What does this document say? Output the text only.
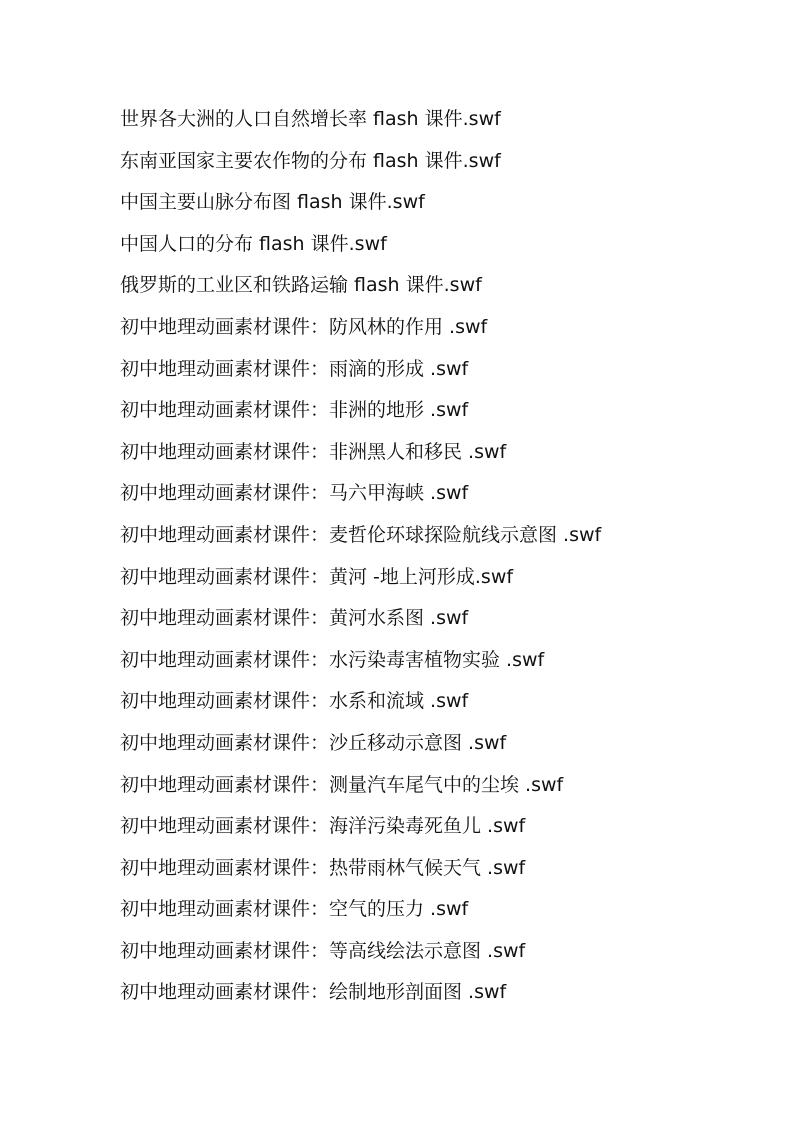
世界各大洲的人口自然增长率 flash 课件.swf
东南亚国家主要农作物的分布 flash 课件.swf
中国主要山脉分布图 flash 课件.swf
中国人口的分布 flash 课件.swf
俄罗斯的工业区和铁路运输 flash 课件.swf
初中地理动画素材课件：防风林的作用 .swf
初中地理动画素材课件：雨滴的形成 .swf
初中地理动画素材课件：非洲的地形 .swf
初中地理动画素材课件：非洲黑人和移民 .swf
初中地理动画素材课件：马六甲海峡 .swf
初中地理动画素材课件：麦哲伦环球探险航线示意图 .swf
初中地理动画素材课件：黄河 -地上河形成.swf
初中地理动画素材课件：黄河水系图 .swf
初中地理动画素材课件：水污染毒害植物实验 .swf
初中地理动画素材课件：水系和流域 .swf
初中地理动画素材课件：沙丘移动示意图 .swf
初中地理动画素材课件：测量汽车尾气中的尘埃 .swf
初中地理动画素材课件：海洋污染毒死鱼儿 .swf
初中地理动画素材课件：热带雨林气候天气 .swf
初中地理动画素材课件：空气的压力 .swf
初中地理动画素材课件：等高线绘法示意图 .swf
初中地理动画素材课件：绘制地形剖面图 .swf
